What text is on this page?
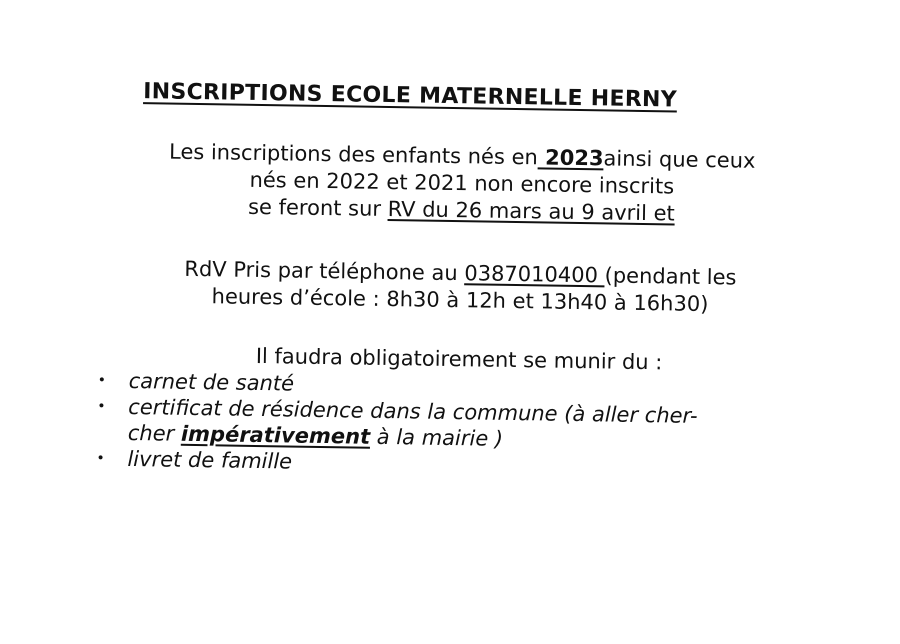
INSCRIPTIONS ECOLE MATERNELLE HERNY
Les inscriptions des enfants nés en 2023ainsi que ceux
nés en 2022 et 2021 non encore inscrits
se feront sur RV du 26 mars au 9 avril et
RdV Pris par téléphone au 0387010400 (pendant les
heures d’école : 8h30 à 12h et 13h40 à 16h30)
Il faudra obligatoirement se munir du :
• carnet de santé
• certificat de résidence dans la commune (à aller cher-
cher impérativement à la mairie )
• livret de famille
